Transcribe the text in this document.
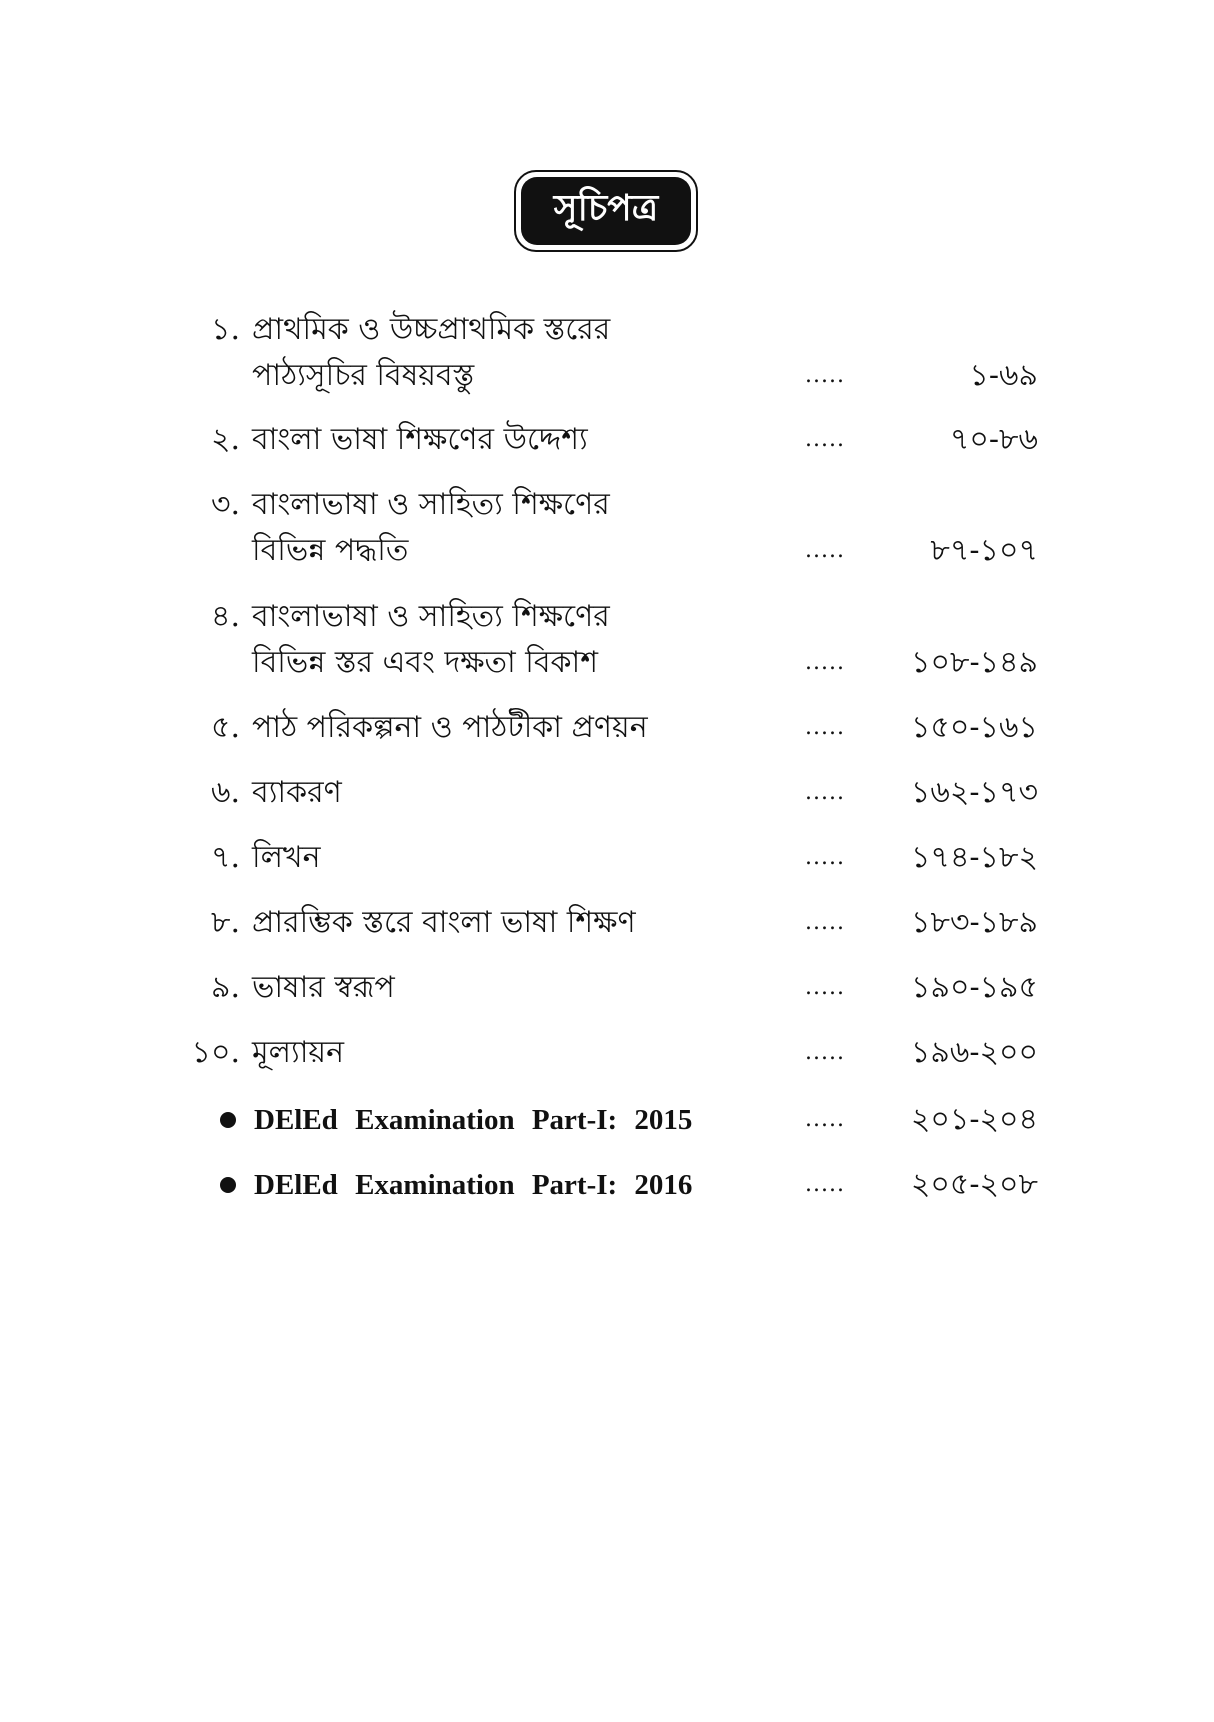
সূচিপত্র
১. প্রাথমিক ও উচ্চপ্রাথমিক স্তরের
পাঠ্যসূচির বিষয়বস্তু	.....	১-৬৯
২. বাংলা ভাষা শিক্ষণের উদ্দেশ্য	.....	৭০-৮৬
৩. বাংলাভাষা ও সাহিত্য শিক্ষণের
বিভিন্ন পদ্ধতি	.....	৮৭-১০৭
৪. বাংলাভাষা ও সাহিত্য শিক্ষণের
বিভিন্ন স্তর এবং দক্ষতা বিকাশ	..... ১০৮-১৪৯
৫. পাঠ পরিকল্পনা ও পাঠটীকা প্রণয়ন	..... ১৫০-১৬১
৬. ব্যাকরণ	..... ১৬২-১৭৩
৭. লিখন	..... ১৭৪-১৮২
৮. প্রারম্ভিক স্তরে বাংলা ভাষা শিক্ষণ	..... ১৮৩-১৮৯
৯. ভাষার স্বরূপ	..... ১৯০-১৯৫
১০. মূল্যায়ন	..... ১৯৬-২০০
DElEd Examination Part-I: 2015	..... ২০১-২০৪
DElEd Examination Part-I: 2016	..... ২০৫-২০৮
